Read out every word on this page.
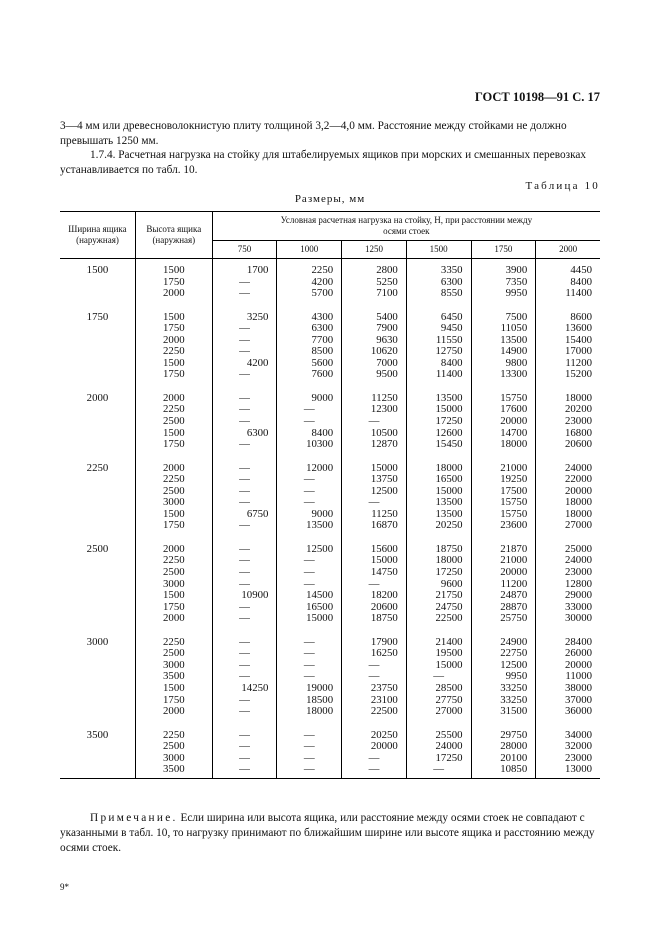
ГОСТ 10198—91 С. 17

3—4 мм или древесноволокнистую плиту толщиной 3,2—4,0 мм. Расстояние между стойками не должно превышать 1250 мм.

1.7.4. Расчетная нагрузка на стойку для штабелируемых ящиков при морских и смешанных перевозках устанавливается по табл. 10.

Таблица 10
Размеры, мм
Ширина ящика (наружная)	Высота ящика (наружная)	Условная расчетная нагрузка на стойку, Н, при расстоянии между осями стоек					
		750	1000	1250	1500	1750	2000

1500	1500	1700	2250	2800	3350	3900	4450
	1750	—	4200	5250	6300	7350	8400
	2000	—	5700	7100	8550	9950	11400

1750	1500	3250	4300	5400	6450	7500	8600
	1750	—	6300	7900	9450	11050	13600
	2000	—	7700	9630	11550	13500	15400
	2250	—	8500	10620	12750	14900	17000
	1500	4200	5600	7000	8400	9800	11200
	1750	—	7600	9500	11400	13300	15200

2000	2000	—	9000	11250	13500	15750	18000
	2250	—	—	12300	15000	17600	20200
	2500	—	—	—	17250	20000	23000
	1500	6300	8400	10500	12600	14700	16800
	1750	—	10300	12870	15450	18000	20600

2250	2000	—	12000	15000	18000	21000	24000
	2250	—	—	13750	16500	19250	22000
	2500	—	—	12500	15000	17500	20000
	3000	—	—	—	13500	15750	18000
	1500	6750	9000	11250	13500	15750	18000
	1750	—	13500	16870	20250	23600	27000

2500	2000	—	12500	15600	18750	21870	25000
	2250	—	—	15000	18000	21000	24000
	2500	—	—	14750	17250	20000	23000
	3000	—	—	—	9600	11200	12800
	1500	10900	14500	18200	21750	24870	29000
	1750	—	16500	20600	24750	28870	33000
	2000	—	15000	18750	22500	25750	30000

3000	2250	—	—	17900	21400	24900	28400
	2500	—	—	16250	19500	22750	26000
	3000	—	—	—	15000	12500	20000
	3500	—	—	—	—	9950	11000
	1500	14250	19000	23750	28500	33250	38000
	1750	—	18500	23100	27750	33250	37000
	2000	—	18000	22500	27000	31500	36000

3500	2250	—	—	20250	25500	29750	34000
	2500	—	—	20000	24000	28000	32000
	3000	—	—	—	17250	20100	23000
	3500	—	—	—	—	10850	13000

Примечание. Если ширина или высота ящика, или расстояние между осями стоек не совпадают с указанными в табл. 10, то нагрузку принимают по ближайшим ширине или высоте ящика и расстоянию между осями стоек.

9*
